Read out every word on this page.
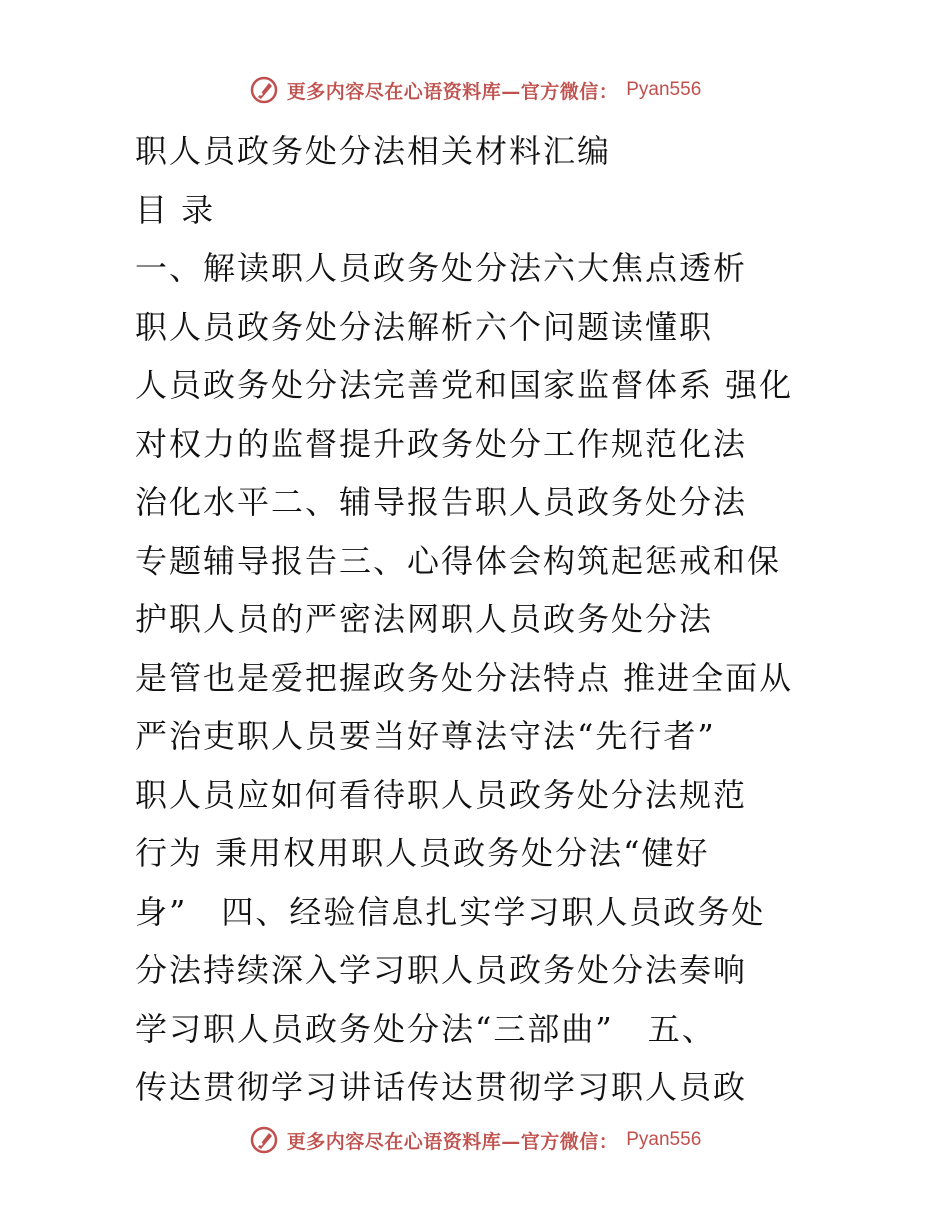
更多内容尽在心语资料库—官方微信： Pyan556
职人员政务处分法相关材料汇编
目 录
一、解读职人员政务处分法六大焦点透析
职人员政务处分法解析六个问题读懂职
人员政务处分法完善党和国家监督体系 强化
对权力的监督提升政务处分工作规范化法
治化水平二、辅导报告职人员政务处分法
专题辅导报告三、心得体会构筑起惩戒和保
护职人员的严密法网职人员政务处分法
是管也是爱把握政务处分法特点 推进全面从
严治吏职人员要当好尊法守法“先行者”
职人员应如何看待职人员政务处分法规范
行为 秉用权用职人员政务处分法“健好
身”　四、经验信息扎实学习职人员政务处
分法持续深入学习职人员政务处分法奏响
学习职人员政务处分法“三部曲”　五、
传达贯彻学习讲话传达贯彻学习职人员政
更多内容尽在心语资料库—官方微信： Pyan556
